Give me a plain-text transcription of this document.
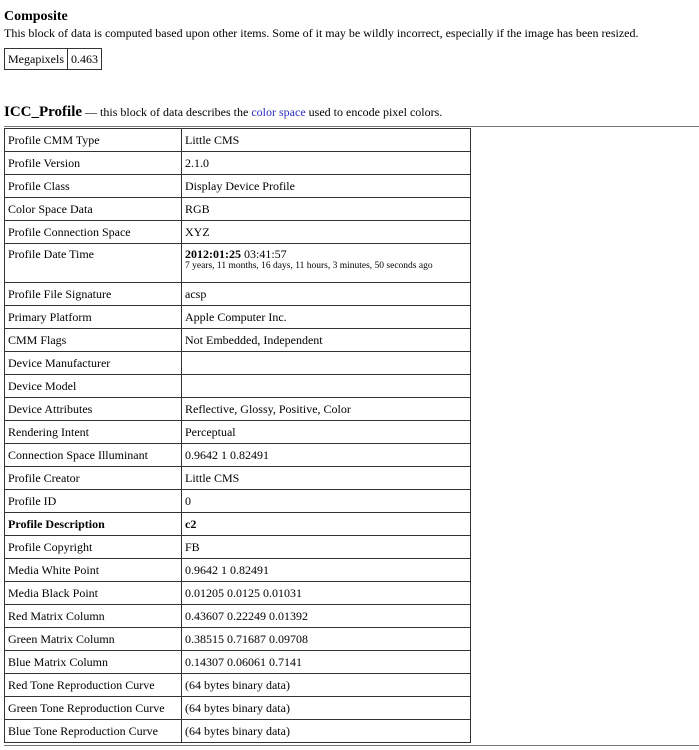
Composite

This block of data is computed based upon other items. Some of it may be wildly incorrect, especially if the image has been resized.

Megapixels	0.463

ICC_Profile — this block of data describes the color space used to encode pixel colors.

Profile CMM Type	Little CMS
Profile Version	2.1.0
Profile Class	Display Device Profile
Color Space Data	RGB
Profile Connection Space	XYZ
Profile Date Time	2012:01:25 03:41:57
7 years, 11 months, 16 days, 11 hours, 3 minutes, 50 seconds ago

Profile File Signature	acsp
Primary Platform	Apple Computer Inc.
CMM Flags	Not Embedded, Independent
Device Manufacturer	
Device Model	
Device Attributes	Reflective, Glossy, Positive, Color
Rendering Intent	Perceptual
Connection Space Illuminant	0.9642 1 0.82491
Profile Creator	Little CMS
Profile ID	0
Profile Description	c2
Profile Copyright	FB
Media White Point	0.9642 1 0.82491
Media Black Point	0.01205 0.0125 0.01031
Red Matrix Column	0.43607 0.22249 0.01392
Green Matrix Column	0.38515 0.71687 0.09708
Blue Matrix Column	0.14307 0.06061 0.7141
Red Tone Reproduction Curve	(64 bytes binary data)
Green Tone Reproduction Curve	(64 bytes binary data)
Blue Tone Reproduction Curve	(64 bytes binary data)
